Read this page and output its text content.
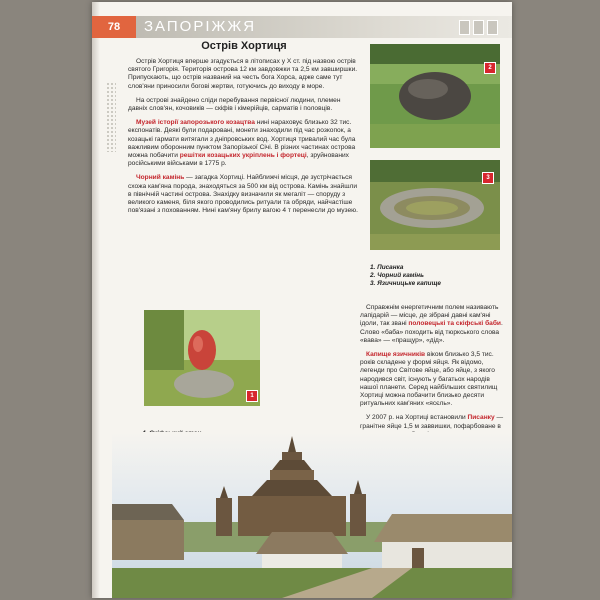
78	ЗАПОРІЖЖЯ
Острів Хортиця

Острів Хортиця вперше згадується в літописах у X ст. під назвою острів святого Григорія. Територія острова 12 км завдовжки та 2,5 км завширшки. Припускають, що острів названий на честь бога Хорса, адже саме тут слов'яни приносили богові жертви, готуючись до виходу в море.

На острові знайдено сліди перебування первісної людини, племен давніх слов'ян, кочовиків — скіфів і кімерійців, сарматів і половців.

Музей історії запорозького козацтва нині нараховує близько 32 тис. експонатів. Деякі були подаровані, монети знаходили під час розкопок, а козацькі гармати витягали з дніпровських вод. Хортиця тривалий час була важливим оборонним пунктом Запорізької Січі. В різних частинах острова можна побачити решітки козацьких укріплень і фортеці, зруйнованих російськими військами в 1775 р.

Чорний камінь — загадка Хортиці. Найближчі місця, де зустрічається схожа кам'яна порода, знаходяться за 500 км від острова. Камінь знайшли в північній частині острова. Знахідку визначили як мегаліт — споруду з великого каменя, біля якого проводились ритуали та обряди, найчастіше пов'язані з похованням. Нині кам'яну брилу вагою 4 т перенесли до музею.

2
3
1. Писанка
2. Чорний камінь
3. Язичницьке капище
1

Справжнім енергетичним полем називають лапідарій — місце, де зібрані давні кам'яні ідоли, так звані половецькі та скіфські баби. Слово «баба» походить від тюркського слова «вава» — «пращур», «дід».

Капище язичників віком близько 3,5 тис. років складене у формі яйця. Як відомо, легенди про Світове яйце, або яйце, з якого народився світ, існують у багатьох народів нашої планети. Серед найбільших святилищ Хортиці можна побачити близько десяти ритуальних кам'яних «ясєль».

У 2007 р. на Хортиці встановили Писанку — гранітне яйце 1,5 м заввишки, пофарбоване в
